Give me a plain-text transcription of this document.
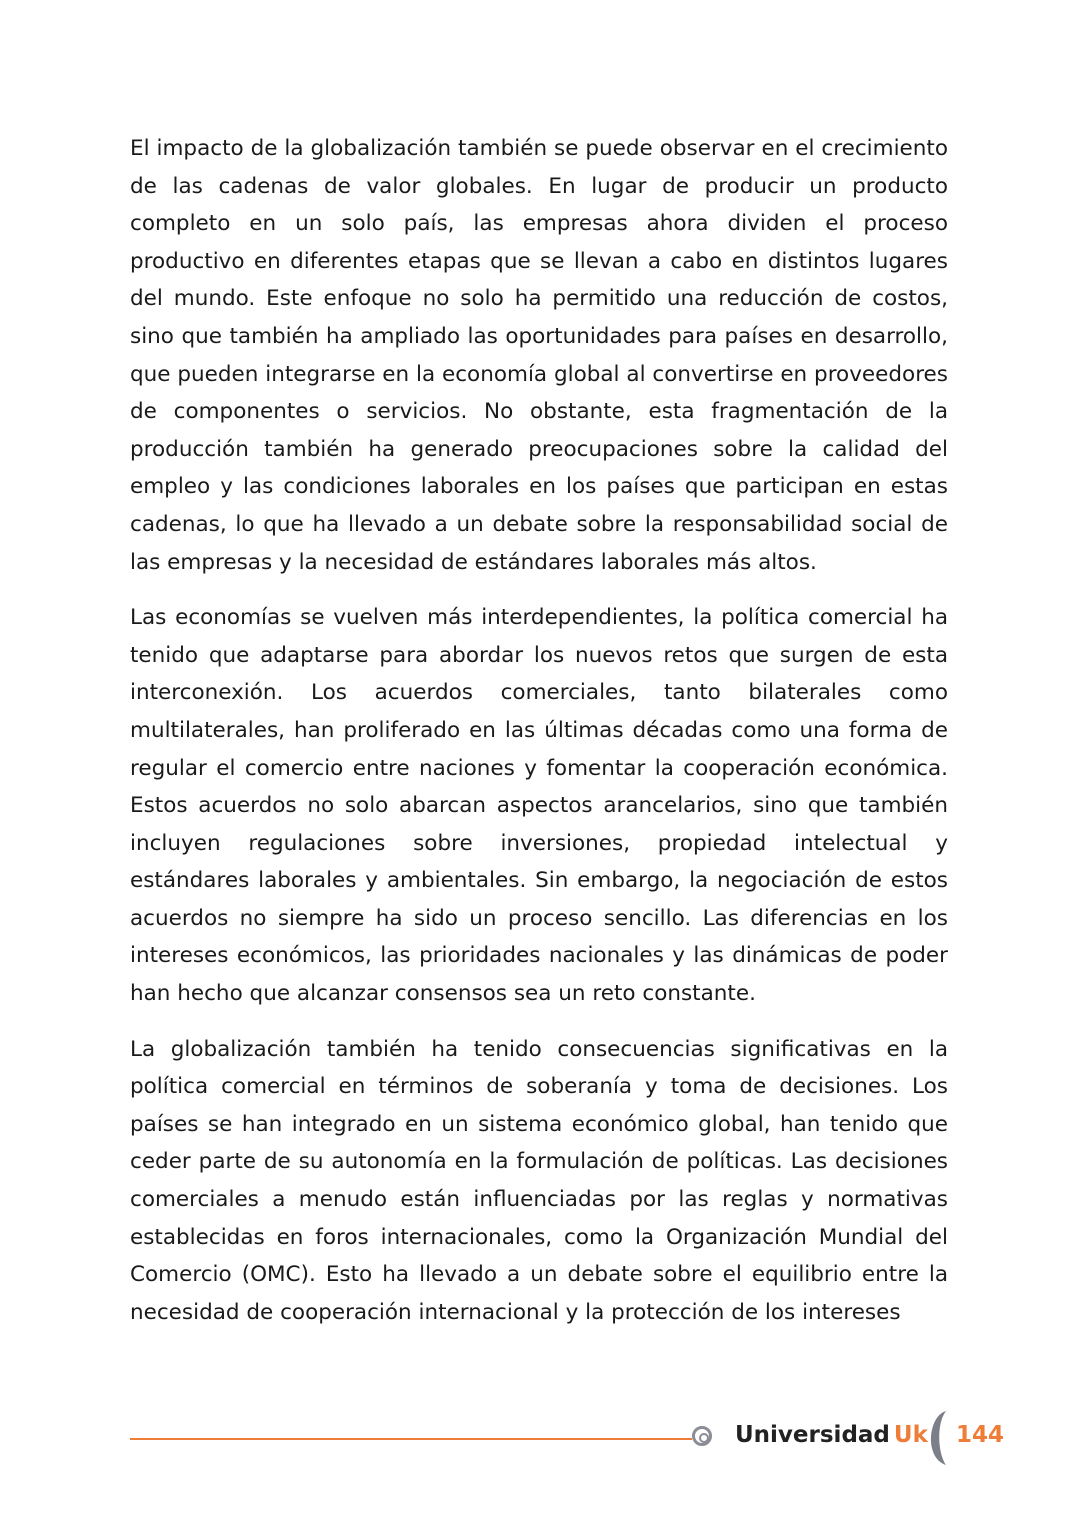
El impacto de la globalización también se puede observar en el crecimiento de las cadenas de valor globales. En lugar de producir un producto completo en un solo país, las empresas ahora dividen el proceso productivo en diferentes etapas que se llevan a cabo en distintos lugares del mundo. Este enfoque no solo ha permitido una reducción de costos, sino que también ha ampliado las oportunidades para países en desarrollo, que pueden integrarse en la economía global al convertirse en proveedores de componentes o servicios. No obstante, esta fragmentación de la producción también ha generado preocupaciones sobre la calidad del empleo y las condiciones laborales en los países que participan en estas cadenas, lo que ha llevado a un debate sobre la responsabilidad social de las empresas y la necesidad de estándares laborales más altos.

Las economías se vuelven más interdependientes, la política comercial ha tenido que adaptarse para abordar los nuevos retos que surgen de esta interconexión. Los acuerdos comerciales, tanto bilaterales como multilaterales, han proliferado en las últimas décadas como una forma de regular el comercio entre naciones y fomentar la cooperación económica. Estos acuerdos no solo abarcan aspectos arancelarios, sino que también incluyen regulaciones sobre inversiones, propiedad intelectual y estándares laborales y ambientales. Sin embargo, la negociación de estos acuerdos no siempre ha sido un proceso sencillo. Las diferencias en los intereses económicos, las prioridades nacionales y las dinámicas de poder han hecho que alcanzar consensos sea un reto constante.

La globalización también ha tenido consecuencias significativas en la política comercial en términos de soberanía y toma de decisiones. Los países se han integrado en un sistema económico global, han tenido que ceder parte de su autonomía en la formulación de políticas. Las decisiones comerciales a menudo están influenciadas por las reglas y normativas establecidas en foros internacionales, como la Organización Mundial del Comercio (OMC). Esto ha llevado a un debate sobre el equilibrio entre la necesidad de cooperación internacional y la protección de los intereses

Universidad Uk 144
